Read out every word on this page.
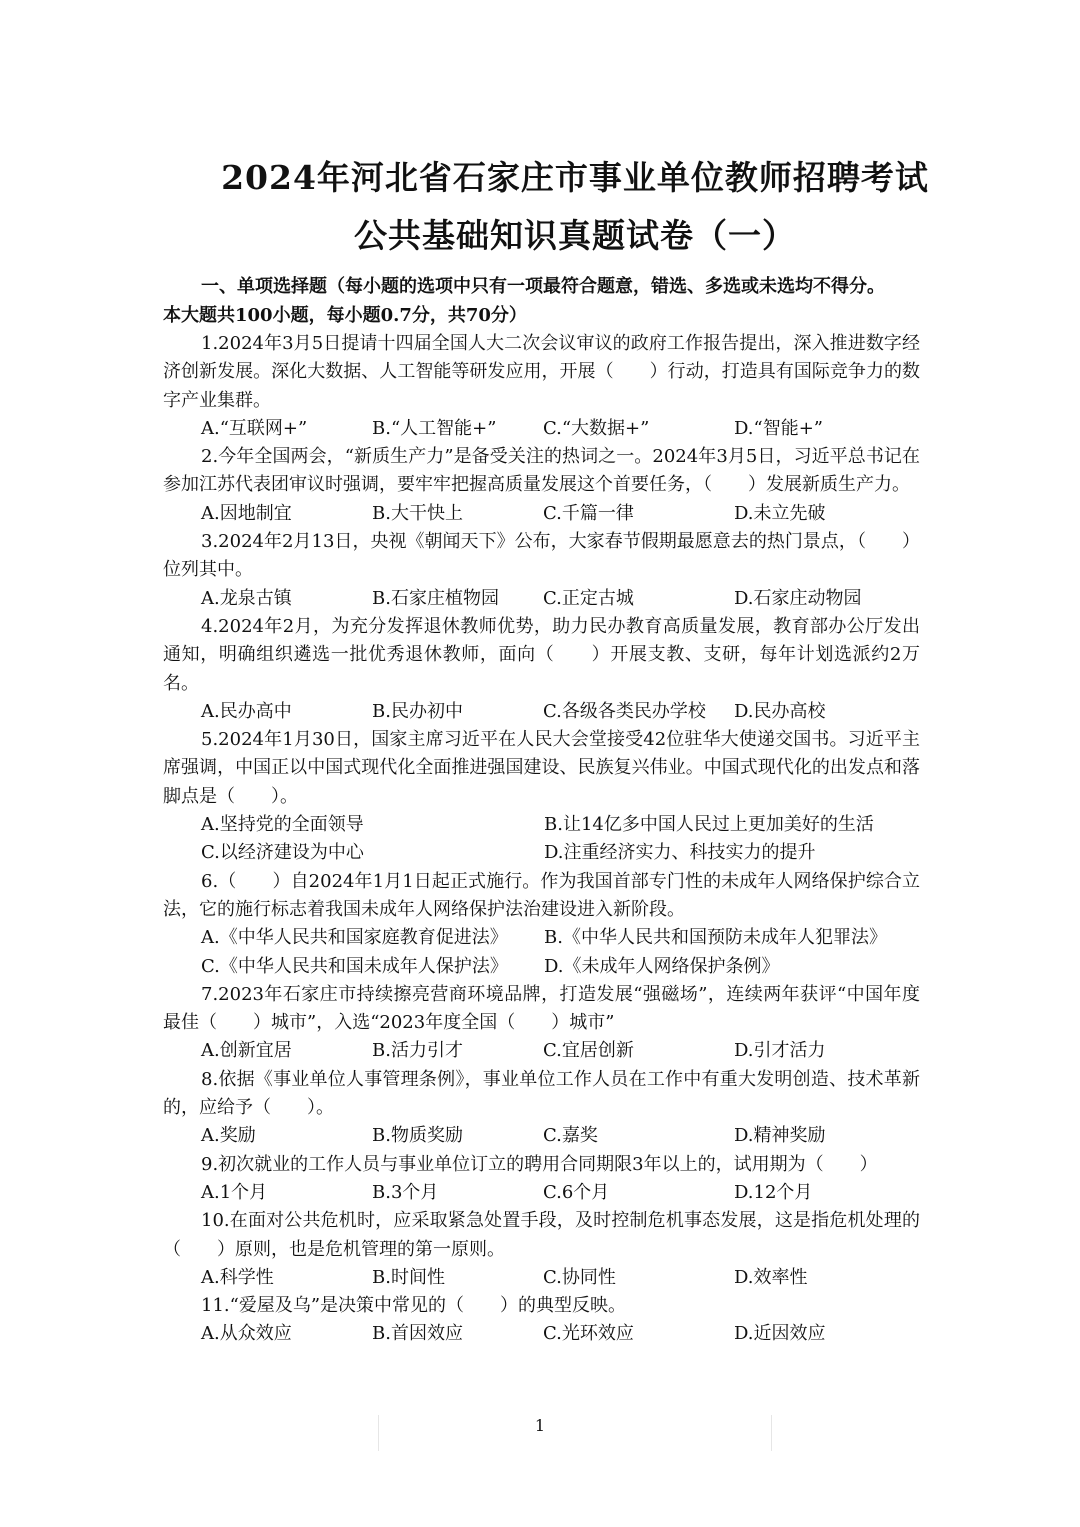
2024年河北省石家庄市事业单位教师招聘考试
公共基础知识真题试卷（一）
一、单项选择题（每小题的选项中只有一项最符合题意，错选、多选或未选均不得分。
本大题共100小题，每小题0.7分，共70分）
1.2024年3月5日提请十四届全国人大二次会议审议的政府工作报告提出，深入推进数字经济创新发展。深化大数据、人工智能等研发应用，开展（　　）行动，打造具有国际竞争力的数字产业集群。
A.“互联网+”	B.“人工智能+”	C.“大数据+”	D.“智能+”
2.今年全国两会，“新质生产力”是备受关注的热词之一。2024年3月5日，习近平总书记在参加江苏代表团审议时强调，要牢牢把握高质量发展这个首要任务，（　　）发展新质生产力。
A.因地制宜	B.大干快上	C.千篇一律	D.未立先破
3.2024年2月13日，央视《朝闻天下》公布，大家春节假期最愿意去的热门景点，（　　）位列其中。
A.龙泉古镇	B.石家庄植物园	C.正定古城	D.石家庄动物园
4.2024年2月，为充分发挥退休教师优势，助力民办教育高质量发展，教育部办公厅发出通知，明确组织遴选一批优秀退休教师，面向（　　）开展支教、支研，每年计划选派约2万名。
A.民办高中	B.民办初中	C.各级各类民办学校	D.民办高校
5.2024年1月30日，国家主席习近平在人民大会堂接受42位驻华大使递交国书。习近平主席强调，中国正以中国式现代化全面推进强国建设、民族复兴伟业。中国式现代化的出发点和落脚点是（　　）。
A.坚持党的全面领导	B.让14亿多中国人民过上更加美好的生活
C.以经济建设为中心	D.注重经济实力、科技实力的提升
6.（　　）自2024年1月1日起正式施行。作为我国首部专门性的未成年人网络保护综合立法，它的施行标志着我国未成年人网络保护法治建设进入新阶段。
A.《中华人民共和国家庭教育促进法》	B.《中华人民共和国预防未成年人犯罪法》
C.《中华人民共和国未成年人保护法》	D.《未成年人网络保护条例》
7.2023年石家庄市持续擦亮营商环境品牌，打造发展“强磁场”，连续两年获评“中国年度最佳（　　）城市”，入选“2023年度全国（　　）城市”
A.创新宜居	B.活力引才	C.宜居创新	D.引才活力
8.依据《事业单位人事管理条例》，事业单位工作人员在工作中有重大发明创造、技术革新的，应给予（　　）。
A.奖励	B.物质奖励	C.嘉奖	D.精神奖励
9.初次就业的工作人员与事业单位订立的聘用合同期限3年以上的，试用期为（　　）
A.1个月	B.3个月	C.6个月	D.12个月
10.在面对公共危机时，应采取紧急处置手段，及时控制危机事态发展，这是指危机处理的（　　）原则，也是危机管理的第一原则。
A.科学性	B.时间性	C.协同性	D.效率性
11.“爱屋及乌”是决策中常见的（　　）的典型反映。
A.从众效应	B.首因效应	C.光环效应	D.近因效应
1
